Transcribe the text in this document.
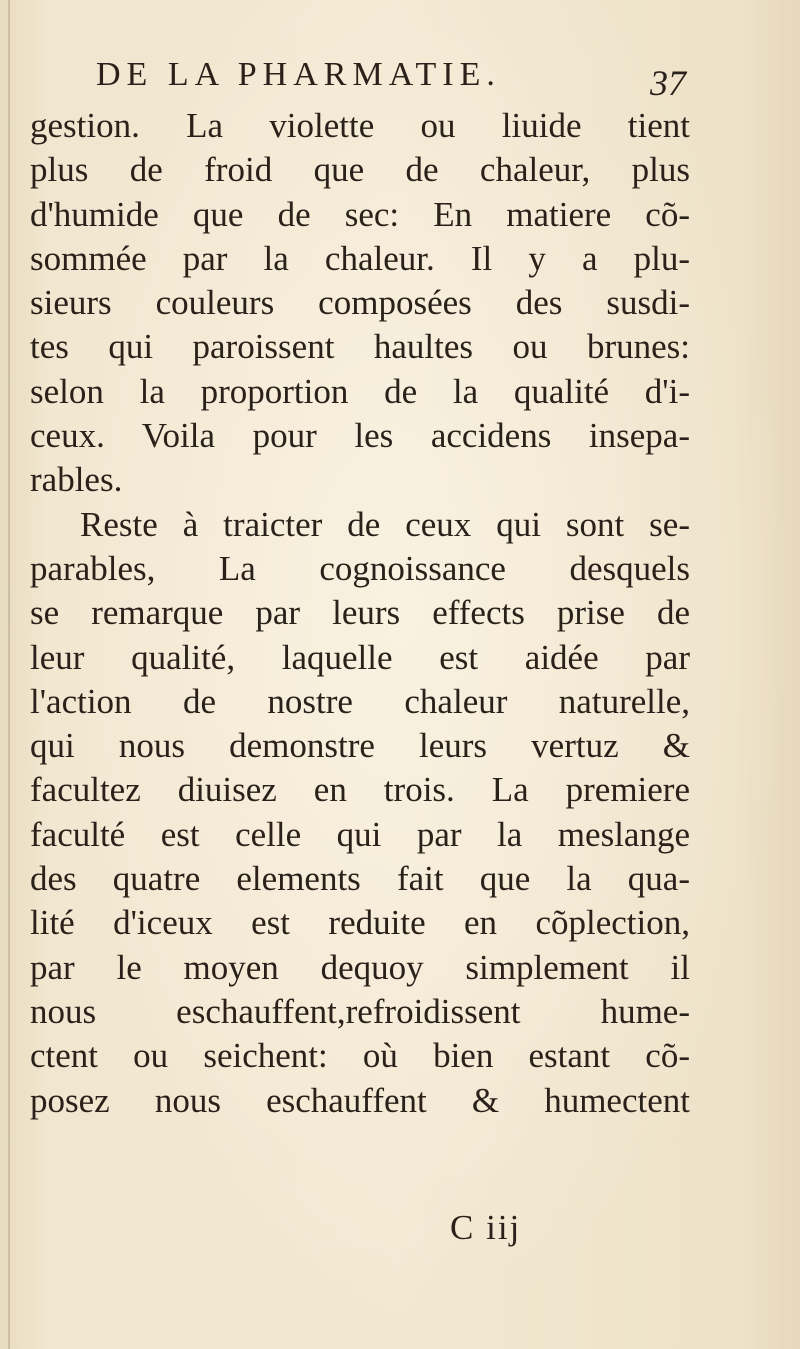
DE LA PHARMATIE.	37
gestion. La violette ou liuide tient
plus de froid que de chaleur, plus
d'humide que de sec: En matiere cõ-
sommée par la chaleur. Il y a plu-
sieurs couleurs composées des susdi-
tes qui paroissent haultes ou brunes:
selon la proportion de la qualité d'i-
ceux. Voila pour les accidens insepa-
rables.
Reste à traicter de ceux qui sont se-
parables, La cognoissance desquels
se remarque par leurs effects prise de
leur qualité, laquelle est aidée par
l'action de nostre chaleur naturelle,
qui nous demonstre leurs vertuz &
facultez diuisez en trois. La premiere
faculté est celle qui par la meslange
des quatre elements fait que la qua-
lité d'iceux est reduite en cõplection,
par le moyen dequoy simplement il
nous eschauffent,refroidissent hume-
ctent ou seichent: où bien estant cõ-
posez nous eschauffent & humectent
C iij
